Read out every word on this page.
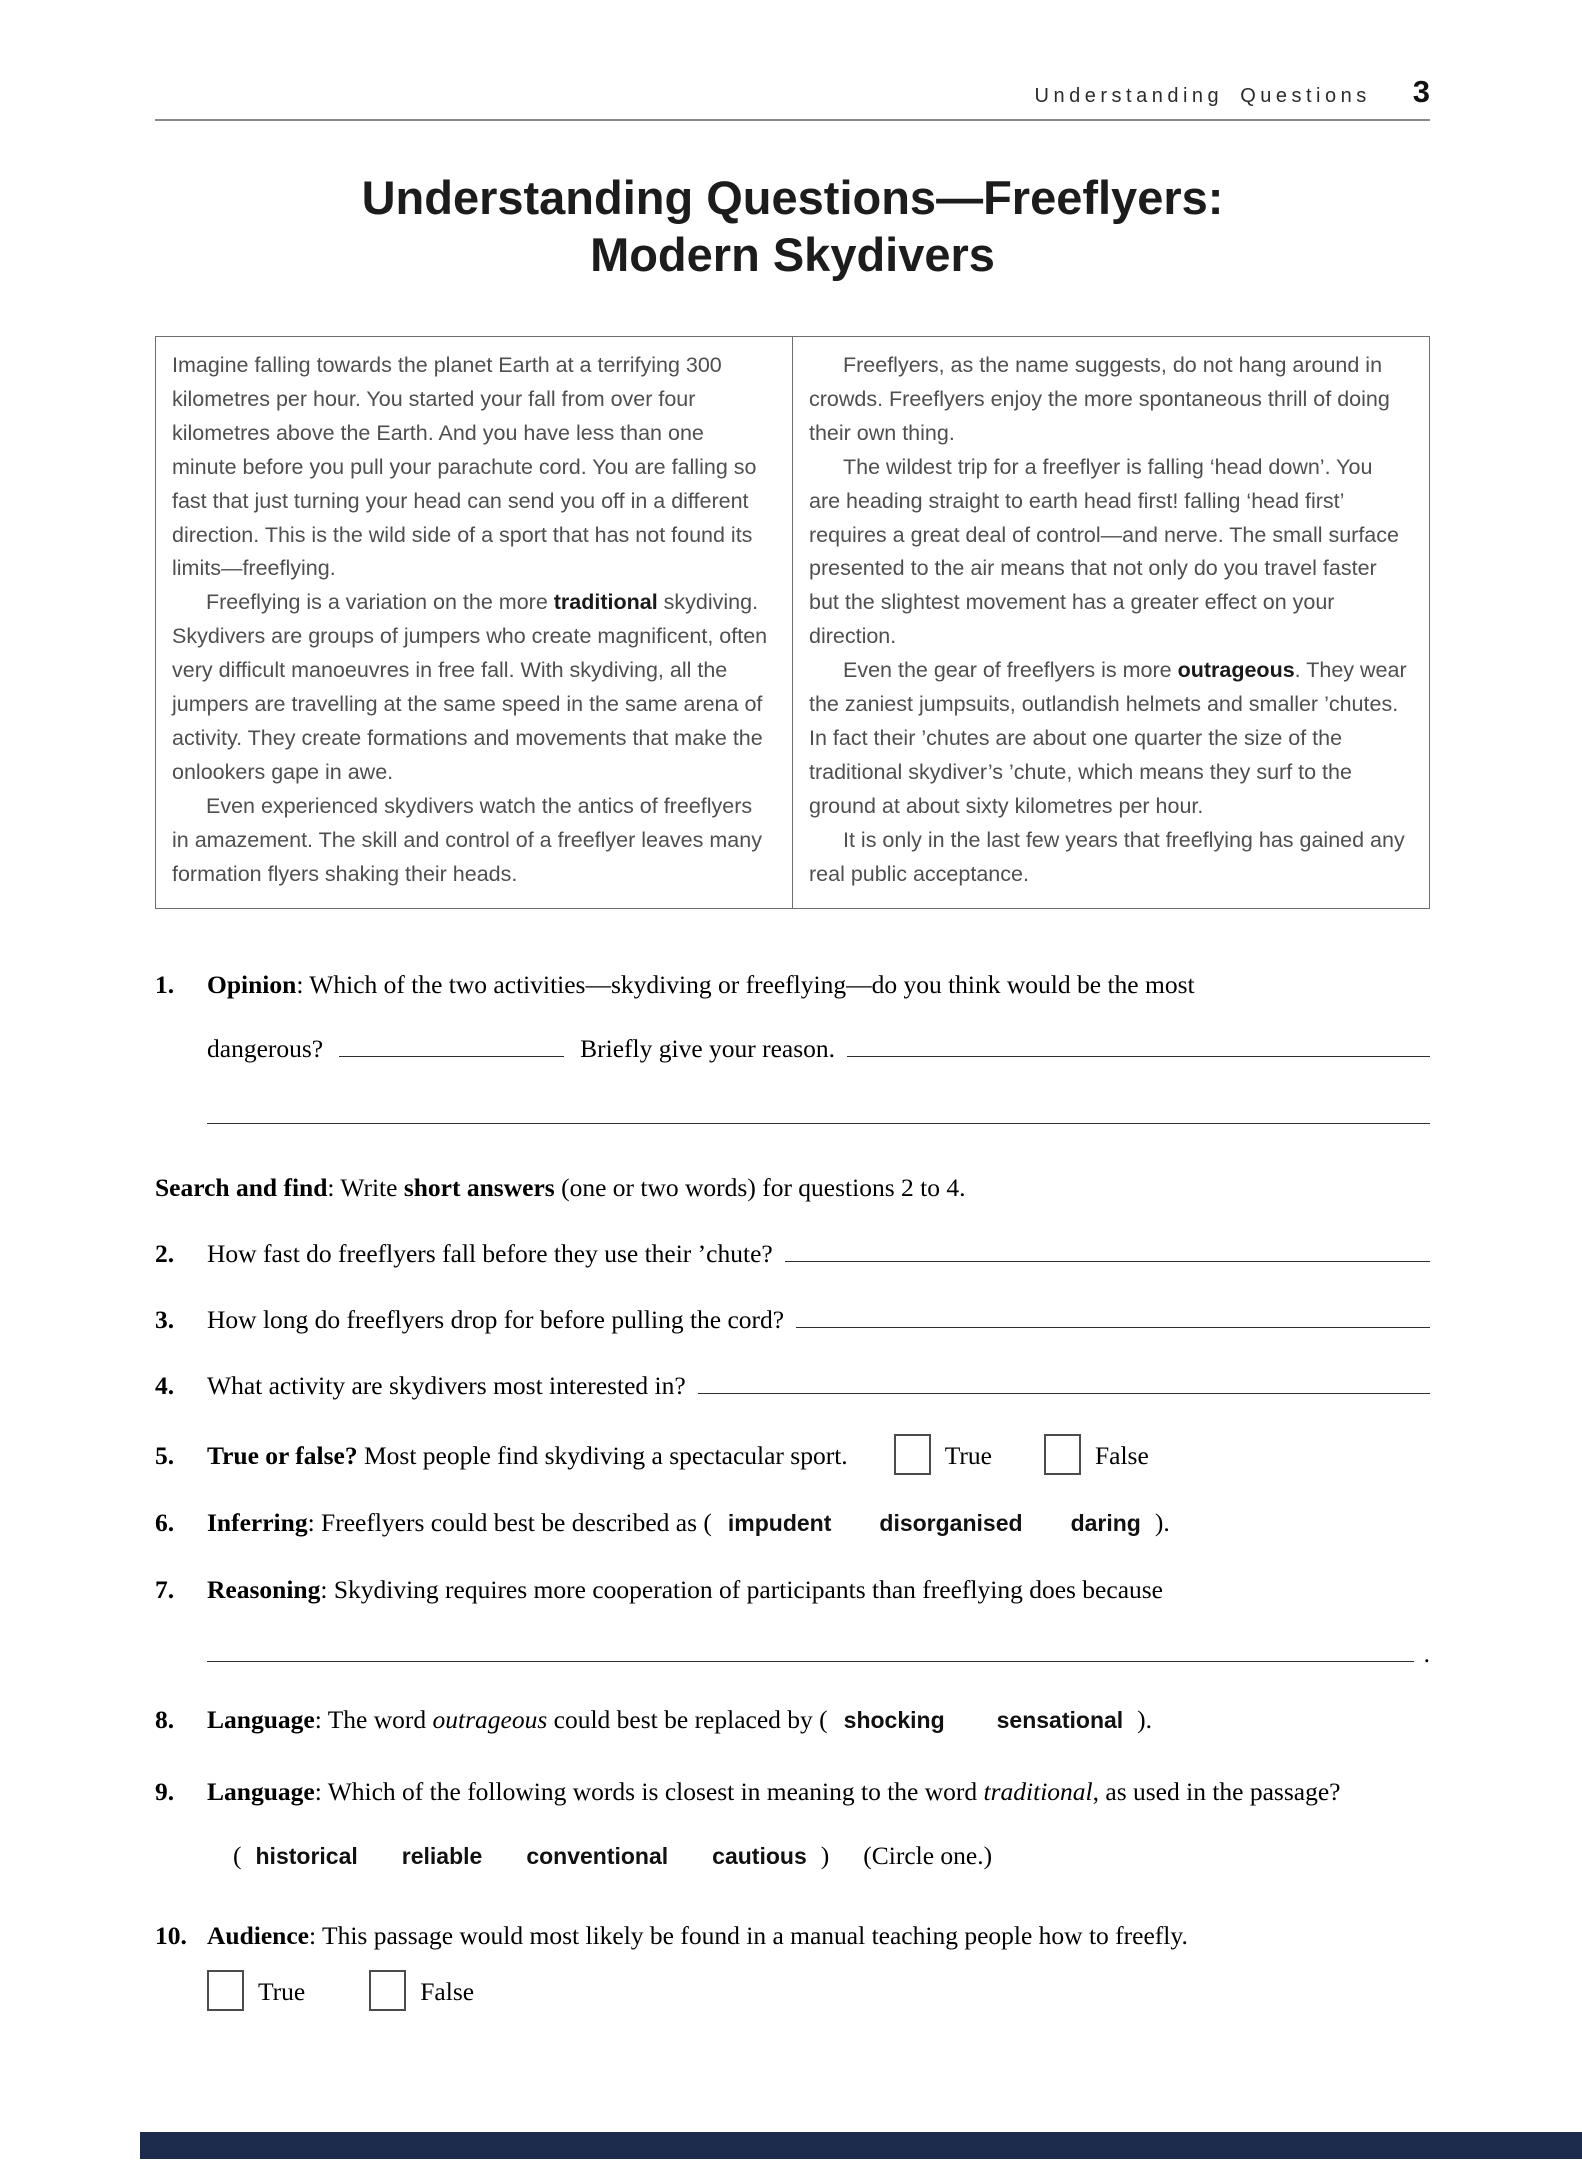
Understanding Questions 3
Understanding Questions—Freeflyers:
Modern Skydivers

Imagine falling towards the planet Earth at a terrifying 300 kilometres per hour. You started your fall from over four kilometres above the Earth. And you have less than one minute before you pull your parachute cord. You are falling so fast that just turning your head can send you off in a different direction. This is the wild side of a sport that has not found its limits—freeflying.

Freeflying is a variation on the more traditional skydiving. Skydivers are groups of jumpers who create magnificent, often very difficult manoeuvres in free fall. With skydiving, all the jumpers are travelling at the same speed in the same arena of activity. They create formations and movements that make the onlookers gape in awe.

Even experienced skydivers watch the antics of freeflyers in amazement. The skill and control of a freeflyer leaves many formation flyers shaking their heads.

Freeflyers, as the name suggests, do not hang around in crowds. Freeflyers enjoy the more spontaneous thrill of doing their own thing.

The wildest trip for a freeflyer is falling ‘head down’. You are heading straight to earth head first! falling ‘head first’ requires a great deal of control—and nerve. The small surface presented to the air means that not only do you travel faster but the slightest movement has a greater effect on your direction.

Even the gear of freeflyers is more outrageous. They wear the zaniest jumpsuits, outlandish helmets and smaller ’chutes. In fact their ’chutes are about one quarter the size of the traditional skydiver’s ’chute, which means they surf to the ground at about sixty kilometres per hour.

It is only in the last few years that freeflying has gained any real public acceptance.

1.	Opinion: Which of the two activities—skydiving or freeflying—do you think would be the most
dangerous?	Briefly give your reason.
Search and find: Write short answers (one or two words) for questions 2 to 4.
2.	How fast do freeflyers fall before they use their ’chute?
3.	How long do freeflyers drop for before pulling the cord?
4.	What activity are skydivers most interested in?
5.	True or false? Most people find skydiving a spectacular sport.	True	False
6.	Inferring: Freeflyers could best be described as ( impudent disorganised daring ).
7.	Reasoning: Skydiving requires more cooperation of participants than freeflying does because
.
8.	Language: The word outrageous could best be replaced by ( shocking sensational ).
9.	Language: Which of the following words is closest in meaning to the word traditional, as used in the passage?( historical reliable conventional cautious ) (Circle one.)
10. Audience: This passage would most likely be found in a manual teaching people how to freefly.
True	False
